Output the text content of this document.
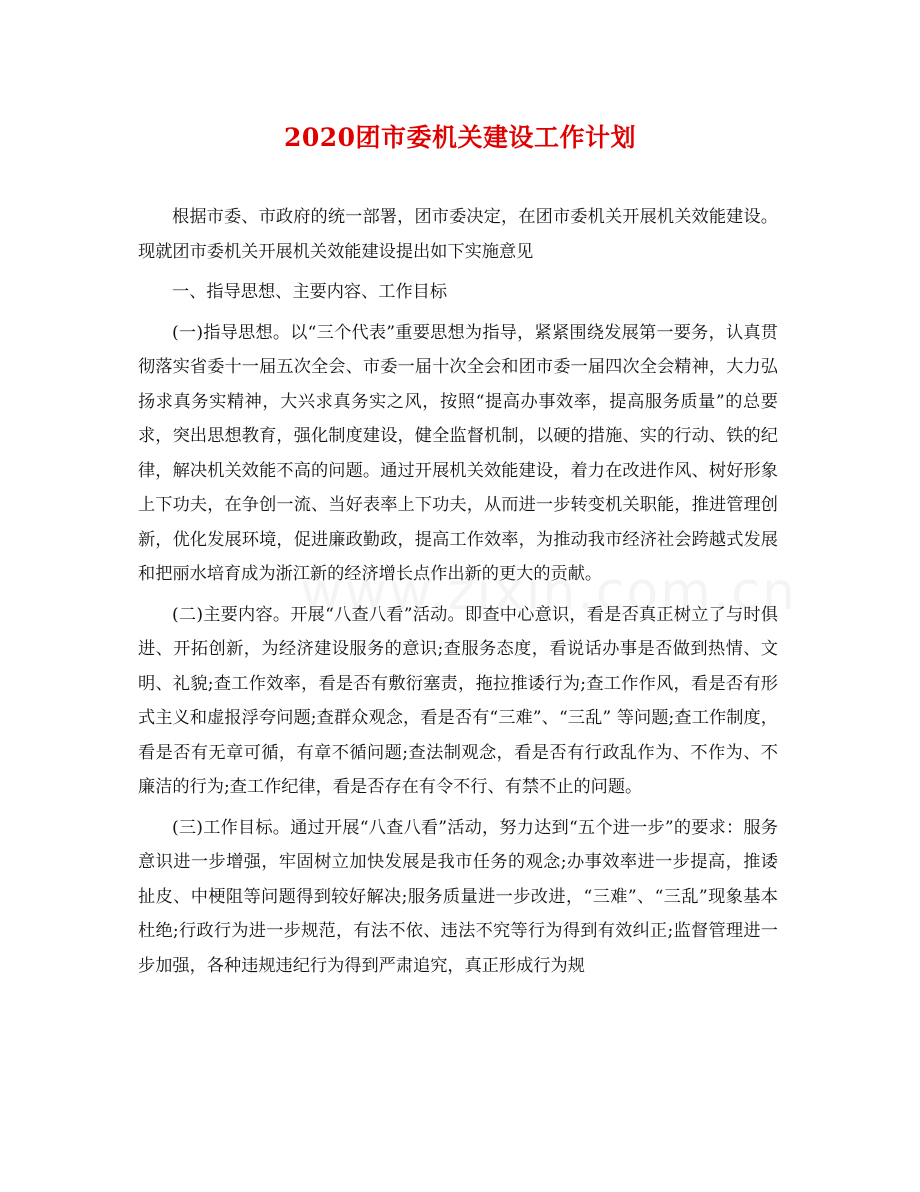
2020团市委机关建设工作计划

根据市委、市政府的统一部署，团市委决定，在团市委机关开展机关效能建设。现就团市委机关开展机关效能建设提出如下实施意见

一、指导思想、主要内容、工作目标

(一)指导思想。以“三个代表”重要思想为指导，紧紧围绕发展第一要务，认真贯彻落实省委十一届五次全会、市委一届十次全会和团市委一届四次全会精神，大力弘扬求真务实精神，大兴求真务实之风，按照“提高办事效率，提高服务质量”的总要求，突出思想教育，强化制度建设，健全监督机制，以硬的措施、实的行动、铁的纪律，解决机关效能不高的问题。通过开展机关效能建设，着力在改进作风、树好形象上下功夫，在争创一流、当好表率上下功夫，从而进一步转变机关职能，推进管理创新，优化发展环境，促进廉政勤政，提高工作效率，为推动我市经济社会跨越式发展和把丽水培育成为浙江新的经济增长点作出新的更大的贡献。

(二)主要内容。开展“八查八看”活动。即查中心意识，看是否真正树立了与时俱进、开拓创新，为经济建设服务的意识;查服务态度，看说话办事是否做到热情、文明、礼貌;查工作效率，看是否有敷衍塞责，拖拉推诿行为;查工作作风，看是否有形式主义和虚报浮夸问题;查群众观念，看是否有“三难”、“三乱” 等问题;查工作制度，看是否有无章可循，有章不循问题;查法制观念，看是否有行政乱作为、不作为、不廉洁的行为;查工作纪律，看是否存在有令不行、有禁不止的问题。

(三)工作目标。通过开展“八查八看”活动，努力达到“五个进一步”的要求：服务意识进一步增强，牢固树立加快发展是我市任务的观念;办事效率进一步提高，推诿扯皮、中梗阻等问题得到较好解决;服务质量进一步改进，“三难”、“三乱”现象基本杜绝;行政行为进一步规范，有法不依、违法不究等行为得到有效纠正;监督管理进一步加强，各种违规违纪行为得到严肃追究，真正形成行为规
